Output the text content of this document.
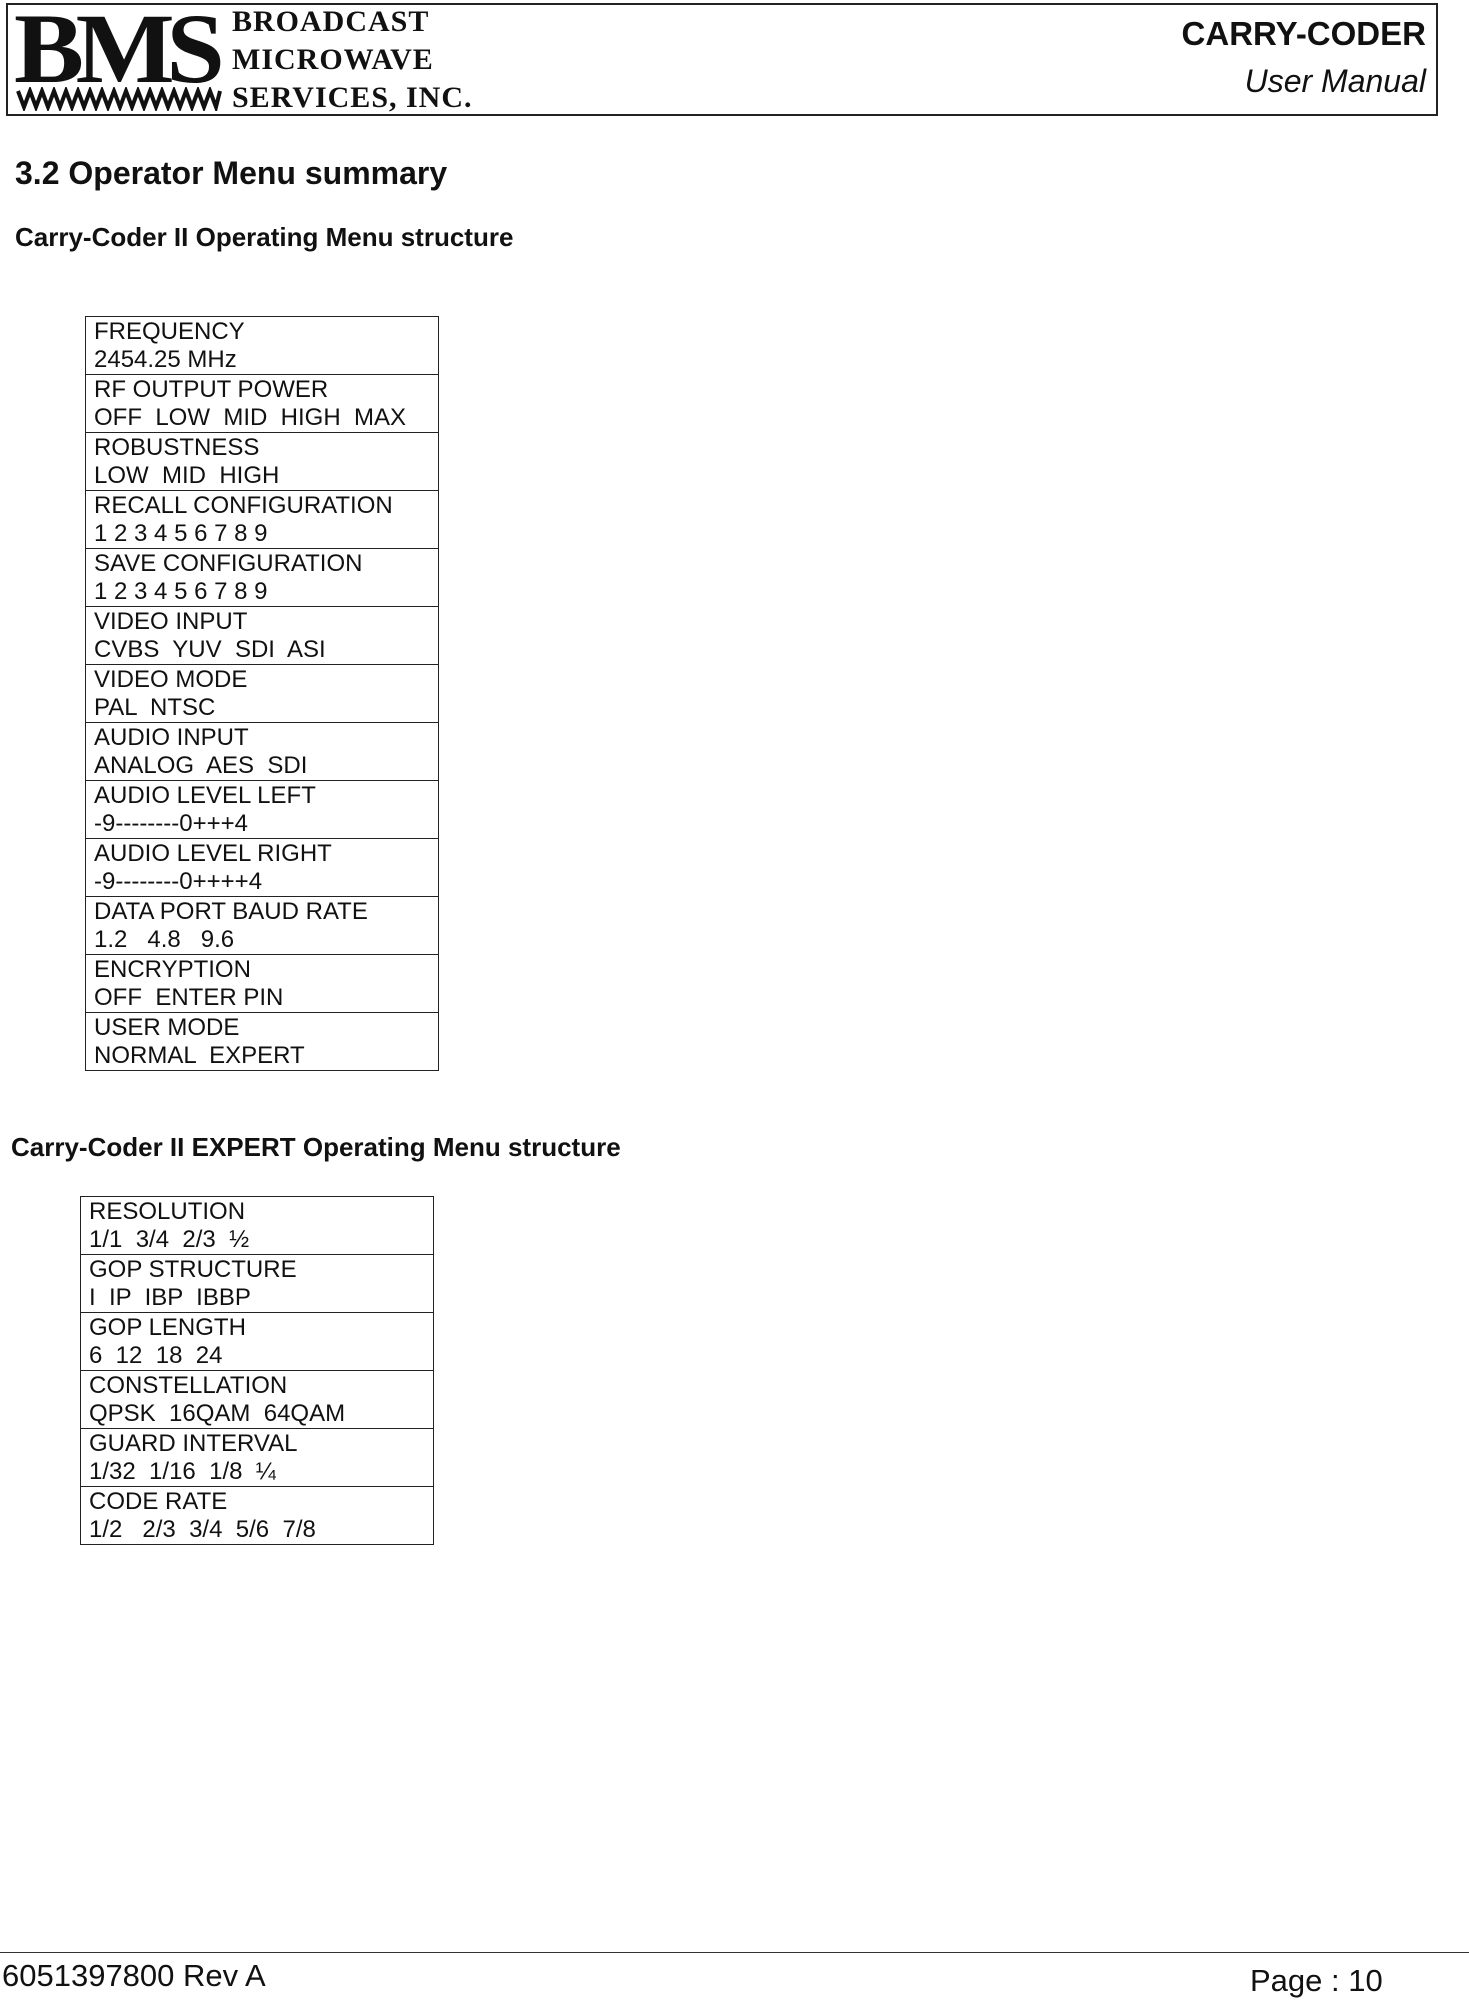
BMS BROADCAST
MICROWAVE
SERVICES, INC.
CARRY-CODER
User Manual
3.2 Operator Menu summary
Carry-Coder II Operating Menu structure
FREQUENCY
2454.25 MHz

RF OUTPUT POWER
OFF  LOW  MID  HIGH  MAX

ROBUSTNESS
LOW  MID  HIGH

RECALL CONFIGURATION
1 2 3 4 5 6 7 8 9

SAVE CONFIGURATION
1 2 3 4 5 6 7 8 9

VIDEO INPUT
CVBS  YUV  SDI  ASI

VIDEO MODE
PAL  NTSC

AUDIO INPUT
ANALOG  AES  SDI

AUDIO LEVEL LEFT
-9--------0+++4

AUDIO LEVEL RIGHT
-9--------0++++4

DATA PORT BAUD RATE
1.2   4.8   9.6

ENCRYPTION
OFF  ENTER PIN

USER MODE
NORMAL  EXPERT
Carry-Coder II EXPERT Operating Menu structure
RESOLUTION
1/1  3/4  2/3  ½

GOP STRUCTURE
I  IP  IBP  IBBP

GOP LENGTH
6  12  18  24

CONSTELLATION
QPSK  16QAM  64QAM

GUARD INTERVAL
1/32  1/16  1/8  ¼

CODE RATE
1/2   2/3  3/4  5/6  7/8
6051397800 Rev A	Page : 10
